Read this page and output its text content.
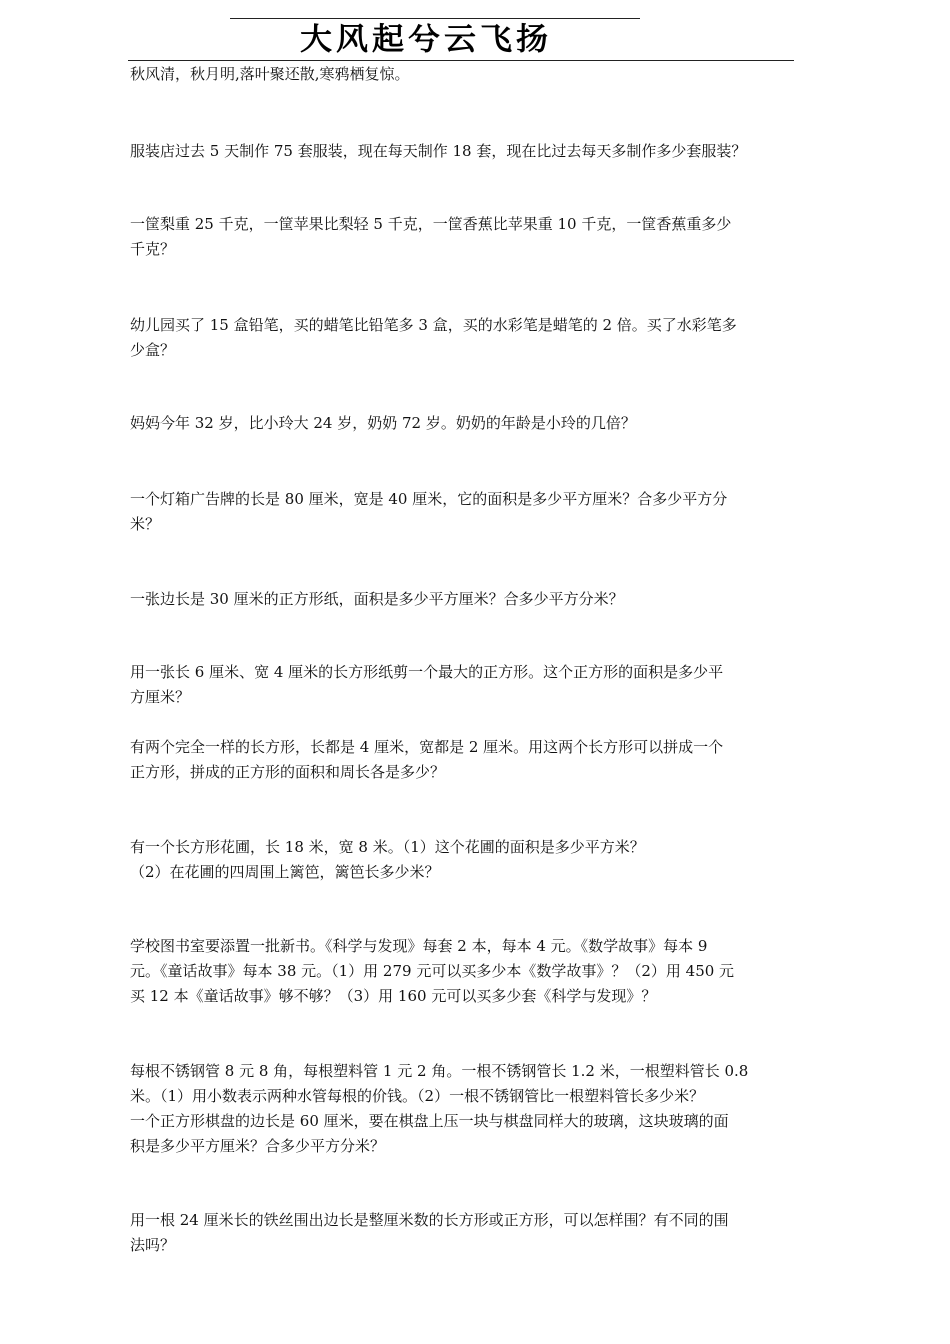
大风起兮云飞扬

秋风清，秋月明,落叶聚还散,寒鸦栖复惊。

服装店过去 5 天制作 75 套服装，现在每天制作 18 套，现在比过去每天多制作多少套服装？

一筐梨重 25 千克，一筐苹果比梨轻 5 千克，一筐香蕉比苹果重 10 千克，一筐香蕉重多少
千克？

幼儿园买了 15 盒铅笔，买的蜡笔比铅笔多 3 盒，买的水彩笔是蜡笔的 2 倍。买了水彩笔多
少盒？

妈妈今年 32 岁，比小玲大 24 岁，奶奶 72 岁。奶奶的年龄是小玲的几倍？

一个灯箱广告牌的长是 80 厘米，宽是 40 厘米，它的面积是多少平方厘米？合多少平方分
米？

一张边长是 30 厘米的正方形纸，面积是多少平方厘米？合多少平方分米？

用一张长 6 厘米、宽 4 厘米的长方形纸剪一个最大的正方形。这个正方形的面积是多少平
方厘米？

有两个完全一样的长方形，长都是 4 厘米，宽都是 2 厘米。用这两个长方形可以拼成一个
正方形，拼成的正方形的面积和周长各是多少？

有一个长方形花圃，长 18 米，宽 8 米。（1）这个花圃的面积是多少平方米？
（2）在花圃的四周围上篱笆，篱笆长多少米？

学校图书室要添置一批新书。《科学与发现》每套 2 本，每本 4 元。《数学故事》每本 9
元。《童话故事》每本 38 元。（1）用 279 元可以买多少本《数学故事》？（2）用 450 元
买 12 本《童话故事》够不够？（3）用 160 元可以买多少套《科学与发现》？

每根不锈钢管 8 元 8 角，每根塑料管 1 元 2 角。一根不锈钢管长 1.2 米，一根塑料管长 0.8
米。（1）用小数表示两种水管每根的价钱。（2）一根不锈钢管比一根塑料管长多少米？
一个正方形棋盘的边长是 60 厘米，要在棋盘上压一块与棋盘同样大的玻璃，这块玻璃的面
积是多少平方厘米？合多少平方分米？

用一根 24 厘米长的铁丝围出边长是整厘米数的长方形或正方形，可以怎样围？有不同的围
法吗？
